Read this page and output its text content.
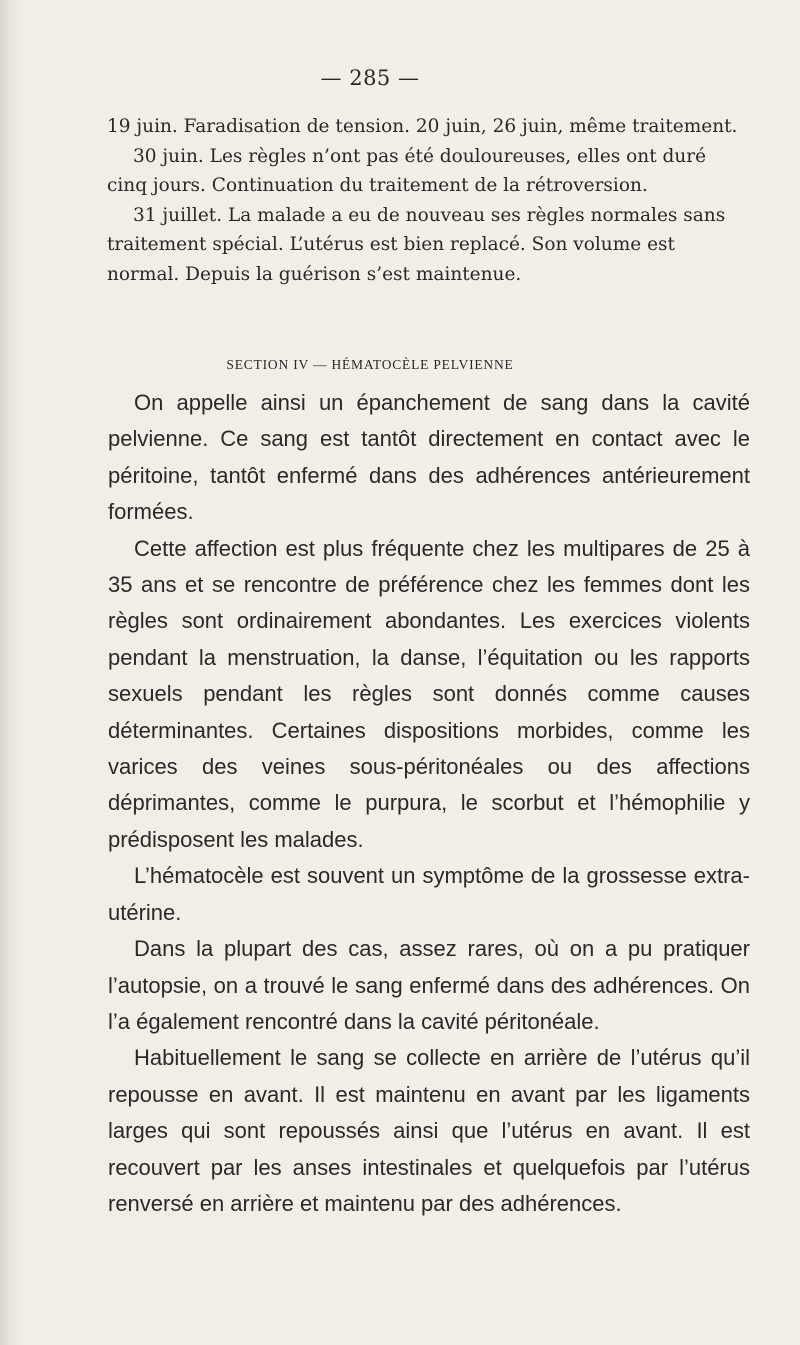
— 285 —

19 juin. Faradisation de tension. 20 juin, 26 juin, même traitement.

30 juin. Les règles n’ont pas été douloureuses, elles ont duré cinq jours. Continuation du traitement de la rétroversion.

31 juillet. La malade a eu de nouveau ses règles normales sans traitement spécial. L’utérus est bien replacé. Son volume est normal. Depuis la guérison s’est maintenue.

SECTION IV — HÉMATOCÈLE PELVIENNE

On appelle ainsi un épanchement de sang dans la cavité pelvienne. Ce sang est tantôt directement en contact avec le péritoine, tantôt enfermé dans des adhérences antérieurement formées.

Cette affection est plus fréquente chez les multipares de 25 à 35 ans et se rencontre de préférence chez les femmes dont les règles sont ordinairement abondantes. Les exercices violents pendant la menstruation, la danse, l’équitation ou les rapports sexuels pendant les règles sont donnés comme causes déterminantes. Certaines dispositions morbides, comme les varices des veines sous-péritonéales ou des affections déprimantes, comme le purpura, le scorbut et l’hémophilie y prédisposent les malades.

L’hématocèle est souvent un symptôme de la grossesse extra-utérine.

Dans la plupart des cas, assez rares, où on a pu pratiquer l’autopsie, on a trouvé le sang enfermé dans des adhérences. On l’a également rencontré dans la cavité péritonéale.

Habituellement le sang se collecte en arrière de l’utérus qu’il repousse en avant. Il est maintenu en avant par les ligaments larges qui sont repoussés ainsi que l’utérus en avant. Il est recouvert par les anses intestinales et quelquefois par l’utérus renversé en arrière et maintenu par des adhérences.
